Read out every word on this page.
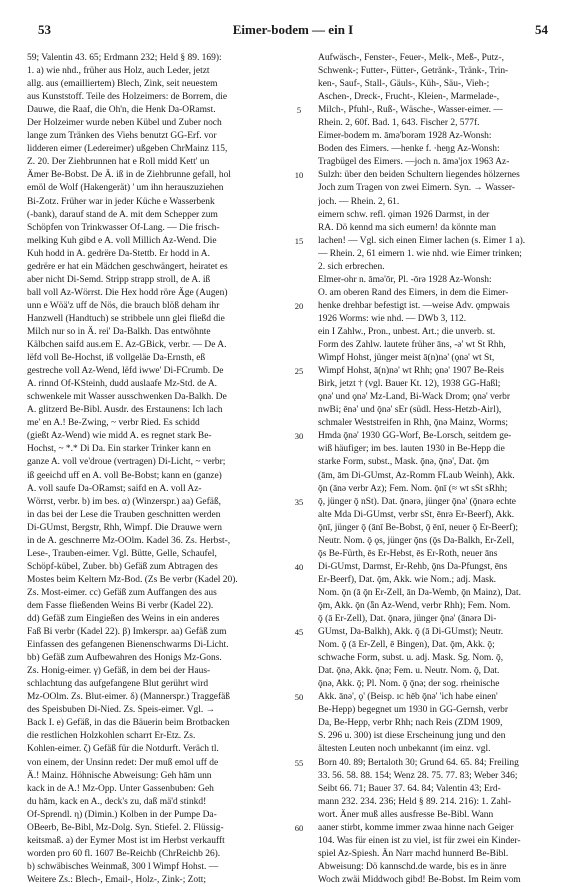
53	Eimer-bodem — ein I	54
59; Valentin 43. 65; Erdmann 232; Held § 89. 169):
1. a) wie nhd., früher aus Holz, auch Leder, jetzt
allg. aus (emailliertem) Blech, Zink, seit neuestem
aus Kunststoff. Teile des Holzeimers: de Borrem, die
Dauwe, die Raaf, die Oh'n, die Henk Da-ORamst.
Der Holzeimer wurde neben Kübel und Zuber noch
lange zum Tränken des Viehs benutzt GG-Erf. vor
lidderen eimer (Ledereimer) ußgeben ChrMainz 115,
Z. 20. Der Ziehbrunnen hat e Roll midd Kett' un
Ämer Be-Bobst. De Ä. iß in de Ziehbrunne gefall, hol
emöl de Wolf (Hakengerät) ' um ihn herauszuziehen
Bi-Zotz. Früher war in jeder Küche e Wasserbenk
(-bank), darauf stand de A. mit dem Schepper zum
Schöpfen von Trinkwasser Of-Lang. — Die frisch-
melking Kuh gibd e A. voll Millich Az-Wend. Die
Kuh hodd in A. gedrëre Da-Stettb. Er hodd in A.
gedrëre er hat ein Mädchen geschwängert, heiratet es
aber nicht Di-Semd. Stripp strapp stroll, de A. iß
ball voll Az-Wörrst. Die Hex hodd röre Äge (Augen)
unn e Wöä'z uff de Nös, die brauch blöß deham ihr
Hanzwell (Handtuch) se stribbele unn glei fließd die
Milch nur so in Ä. rei' Da-Balkh. Das entwöhnte
Kälbchen saifd aus.em E. Az-GBick, verbr. — De A.
lëfd voll Be-Hochst, iß vollgeläe Da-Ernsth, eß
gestreche voll Az-Wend, lëfd iwwe' Di-FCrumb. De
A. rinnd Of-KSteinh, dudd auslaafe Mz-Std. de A.
schwenkele mit Wasser ausschwenken Da-Balkh. De
A. glitzerd Be-Bibl. Ausdr. des Erstaunens: Ich lach
me' en A.! Be-Zwing, ~ verbr Ried. Es schidd
(gießt Az-Wend) wie midd A. es regnet stark Be-
Hochst, ~ *.* Di Da. Ein starker Trinker kann en
ganze A. voll ve'droue (vertragen) Di-Licht, ~ verbr;
iß geeichd uff en A. voll Be-Bobst; kann en (ganze)
A. voll saufe Da-ORamst; saifd en A. voll Az-
Wörrst, verbr. b) im bes. α) (Winzerspr.) aa) Gefäß,
in das bei der Lese die Trauben geschnitten werden
Di-GUmst, Bergstr, Rhh, Wimpf. Die Drauwe wern
in de A. geschnerre Mz-OOlm. Kadel 36. Zs. Herbst-,
Lese-, Trauben-eimer. Vgl. Bütte, Gelle, Schaufel,
Schöpf-kübel, Zuber. bb) Gefäß zum Abtragen des
Mostes beim Keltern Mz-Bod. (Zs Be verbr (Kadel 20).
Zs. Most-eimer. cc) Gefäß zum Auffangen des aus
dem Fasse fließenden Weins Bi verbr (Kadel 22).
dd) Gefäß zum Eingießen des Weins in ein anderes
Faß Bi verbr (Kadel 22). β) Imkerspr. aa) Gefäß zum
Einfassen des gefangenen Bienenschwarms Di-Licht.
bb) Gefäß zum Aufbewahren des Honigs Mz-Gons.
Zs. Honig-eimer. γ) Gefäß, in dem bei der Haus-
schlachtung das aufgefangene Blut gerührt wird
Mz-OOlm. Zs. Blut-eimer. δ) (Mannerspr.) Traggefäß
des Speisbuben Di-Nied. Zs. Speis-eimer. Vgl. →
Back I. e) Gefäß, in das die Bäuerin beim Brotbacken
die restlichen Holzkohlen scharrt Er-Etz. Zs.
Kohlen-eimer. ζ) Gefäß für die Notdurft. Veräch tl.
von einem, der Unsinn redet: Der muß emol uff de
Ä.! Mainz. Höhnische Abweisung: Geh hām unn
kack in de A.! Mz-Opp. Unter Gassenbuben: Geh
du hām, kack en A., deck's zu, daß mä'd stinkd!
Of-Sprendl. η) (Dimin.) Kolben in der Pumpe Da-
OBeerb, Be-Bibl, Mz-Dolg. Syn. Stiefel. 2. Flüssig-
keitsmaß. a) der Eymer Most ist im Herbst verkaufft
worden pro 60 fl. 1607 Be-Reichb (ChrReichb 26).
b) schwäbisches Weinmaß, 300 l Wimpf Hohst. —
Weitere Zs.: Blech-, Email-, Holz-, Zink-; Zott;
5
10
15
20
25
30
35
40
45
50
55
60
Aufwäsch-, Fenster-, Feuer-, Melk-, Meß-, Putz-,
Schwenk-; Futter-, Fütter-, Getränk-, Tränk-, Trin-
ken-, Sauf-, Stall-, Gäuls-, Küh-, Säu-, Vieh-;
Aschen-, Dreck-, Frucht-, Kleien-, Marmelade-,
Milch-, Pfuhl-, Ruß-, Wäsche-, Wasser-eimer. —
Rhein. 2, 60f. Bad. 1, 643. Fischer 2, 577f.
Eimer-bodem m. āmə'borəm 1928 Az-Wonsh:
Boden des Eimers. —henke f. ·heŋg Az-Wonsh:
Tragbügel des Eimers. —joch n. āmə'jox 1963 Az-
Sulzh: über den beiden Schultern liegendes hölzernes
Joch zum Tragen von zwei Eimern. Syn. → Wasser-
joch. — Rhein. 2, 61.
eimern schw. refl. ǫimǝn 1926 Darmst, in der
RA. Dö kennd ma sich eumern! da könnte man
lachen! — Vgl. sich einen Eimer lachen (s. Eimer 1 a).
— Rhein. 2, 61 eimern 1. wie nhd. wie Eimer trinken;
2. sich erbrechen.
Elmer-ohr n. āmə'ōr, Pl. -ōrə 1928 Az-Wonsh:
O. am oberen Rand des Eimers, in dem die Eimer-
henke drehbar befestigt ist. —weise Adv. ǫmpwais
1926 Worms: wie nhd. — DWb 3, 112.
ein I Zahlw., Pron., unbest. Art.; die unverb. st.
Form des Zahlw. lautete früher āns, -ǝ' wt St Rhh,
Wimpf Hohst, jünger meist ā(n)nə' (ǫnǝ' wt St,
Wimpf Hohst, ā(n)nǝ' wt Rhh; ǫnǝ' 1907 Be-Reis
Birk, jetzt † (vgl. Bauer Kt. 12), 1938 GG-Haßl;
ǫnǝ' und ǫnǝ' Mz-Land, Bi-Wack Drom; ǫnǝ' verbr
nwBi; ēnǝ' und ǭnǝ' sEr (südl. Hess-Hetzb-Airl),
schmaler Weststreifen in Rhh, ǭnǝ Mainz, Worms;
Hmda ǭnǝ' 1930 GG-Worf, Be-Lorsch, seitdem ge-
wiß häufiger; im bes. lauten 1930 in Be-Hepp die
starke Form, subst., Mask. ǭnǝ, ǭnǝ', Dat. ǭm
(ām, ām Di-GUmst, Az-Romm FLaub Weinh), Akk.
ǭn (ānǝ verbr Az); Fem. Nom. ǭnī (≈ wt sSt sRhh;
ǭ, jünger ǭ nSt). Dat. ǭnǝrǝ, jünger ǭnǝ' (ǭnǝrǝ echte
alte Mda Di-GUmst, verbr sSt, ēnrǝ Er-Beerf), Akk.
ǭnī, jünger ǭ (ānī Be-Bobst, ǭ ēnī, neuer ǭ Er-Beerf);
Neutr. Nom. ǭ ǫs, jünger ǭns (ǭs Da-Balkh, Er-Zell,
ǭs Be-Fürth, ēs Er-Hebst, ēs Er-Roth, neuer āns
Di-GUmst, Darmst, Er-Rehb, ǭns Da-Pfungst, ēns
Er-Beerf), Dat. ǭm, Akk. wie Nom.; adj. Mask.
Nom. ǭn (ā ǭn Er-Zell, ān Da-Wemb, ǭn Mainz), Dat.
ǭm, Akk. ǭn (ǟn Az-Wend, verbr Rhh); Fem. Nom.
ǭ (ā Er-Zell), Dat. ǭnǝrǝ, jünger ǭnǝ' (ānǝrǝ Di-
GUmst, Da-Balkh), Akk. ǭ (ā Di-GUmst); Neutr.
Nom. ǭ (ā Er-Zell, ē Bingen), Dat. ǭm, Akk. ǭ;
schwache Form, subst. u. adj. Mask. Sg. Nom. ǭ,
Dat. ǭnǝ, Akk. ǭnǝ; Fem. u. Neutr. Nom. ǭ, Dat.
ǭnǝ, Akk. ǭ; Pl. Nom. ǭ ǭnǝ; der sog. rheinische
Akk. ānǝ', ǫ' (Beisp. ɪᴄ hēb ǭnǝ' 'ich habe einen'
Be-Hepp) begegnet um 1930 in GG-Gernsh, verbr
Da, Be-Hepp, verbr Rhh; nach Reis (ZDM 1909,
S. 296 u. 300) ist diese Erscheinung jung und den
ältesten Leuten noch unbekannt (im einz. vgl.
Born 40. 89; Bertaloth 30; Grund 64. 65. 84; Freiling
33. 56. 58. 88. 154; Wenz 28. 75. 77. 83; Weber 346;
Seibt 66. 71; Bauer 37. 64. 84; Valentin 43; Erd-
mann 232. 234. 236; Held § 89. 214. 216): 1. Zahl-
wort. Äner muß alles ausfresse Be-Bibl. Wann
aaner stirbt, komme immer zwaa hinne nach Geiger
104. Was für einen ist zu viel, ist für zwei ein Kinder-
spiel Az-Spiesh. Än Narr machd hunnerd Be-Bibl.
Abweisung: Dö kannschd.de warde, bis es in änre
Woch zwäi Middwoch gibd! Be-Bobst. Im Reim vom
